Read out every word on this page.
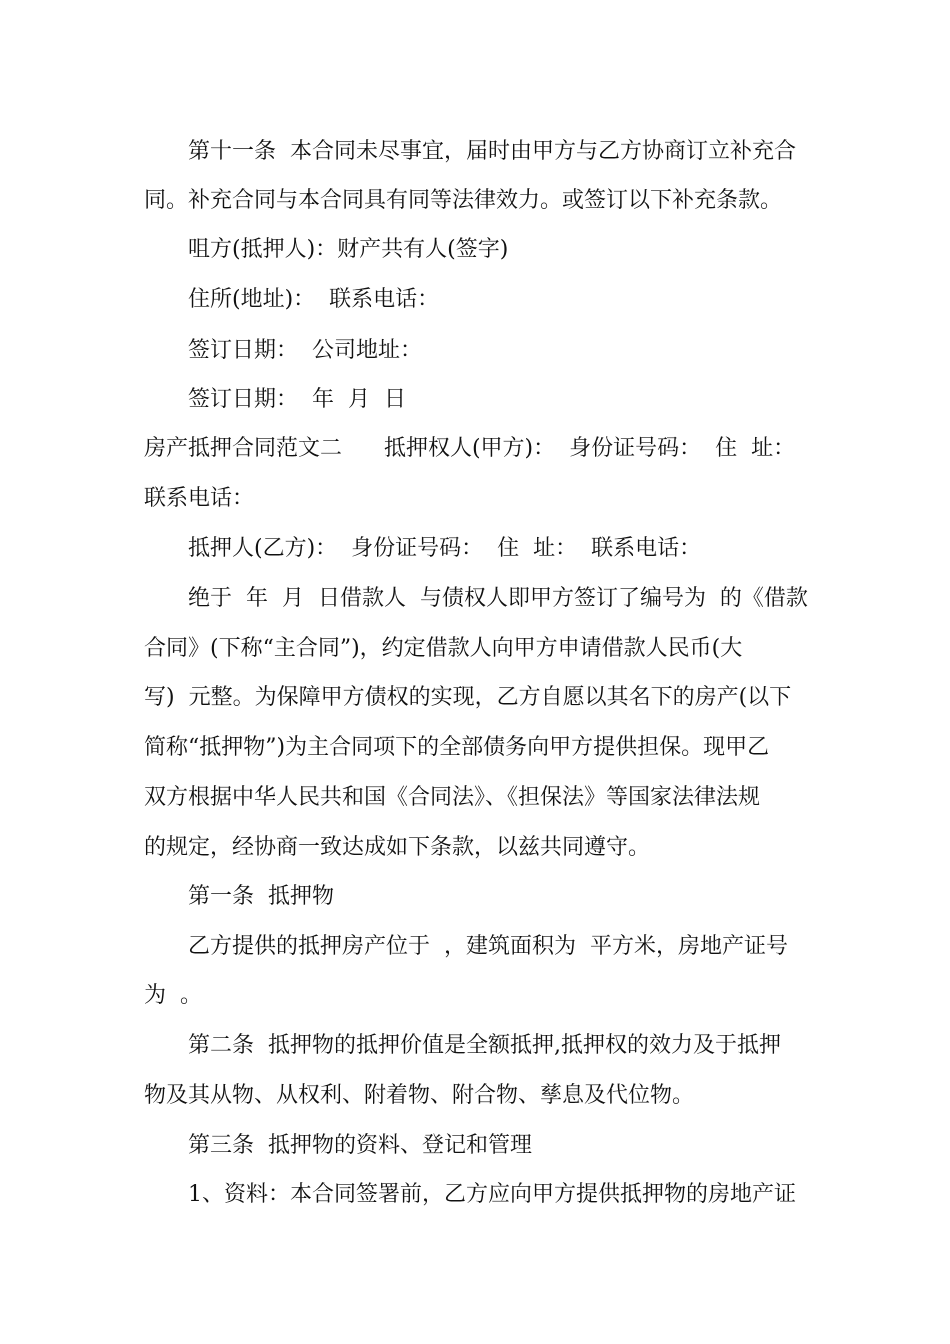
第十一条  本合同未尽事宜，届时由甲方与乙方协商订立补充合
同。补充合同与本合同具有同等法律效力。或签订以下补充条款。
咀方(抵押人)：财产共有人(签字)
住所(地址)：  联系电话：
签订日期：  公司地址：
签订日期：  年  月  日
房产抵押合同范文二      抵押权人(甲方)：  身份证号码：  住  址：
联系电话：
抵押人(乙方)：  身份证号码：  住  址：  联系电话：
绝于  年  月  日借款人  与债权人即甲方签订了编号为  的《借款
合同》(下称“主合同”)，约定借款人向甲方申请借款人民币(大
写)  元整。为保障甲方债权的实现，乙方自愿以其名下的房产(以下
简称“抵押物”)为主合同项下的全部债务向甲方提供担保。现甲乙
双方根据中华人民共和国《合同法》、《担保法》等国家法律法规
的规定，经协商一致达成如下条款，以兹共同遵守。
第一条  抵押物
乙方提供的抵押房产位于  ，建筑面积为  平方米，房地产证号
为  。
第二条  抵押物的抵押价值是全额抵押,抵押权的效力及于抵押
物及其从物、从权利、附着物、附合物、孳息及代位物。
第三条  抵押物的资料、登记和管理
1、资料：本合同签署前，乙方应向甲方提供抵押物的房地产证
